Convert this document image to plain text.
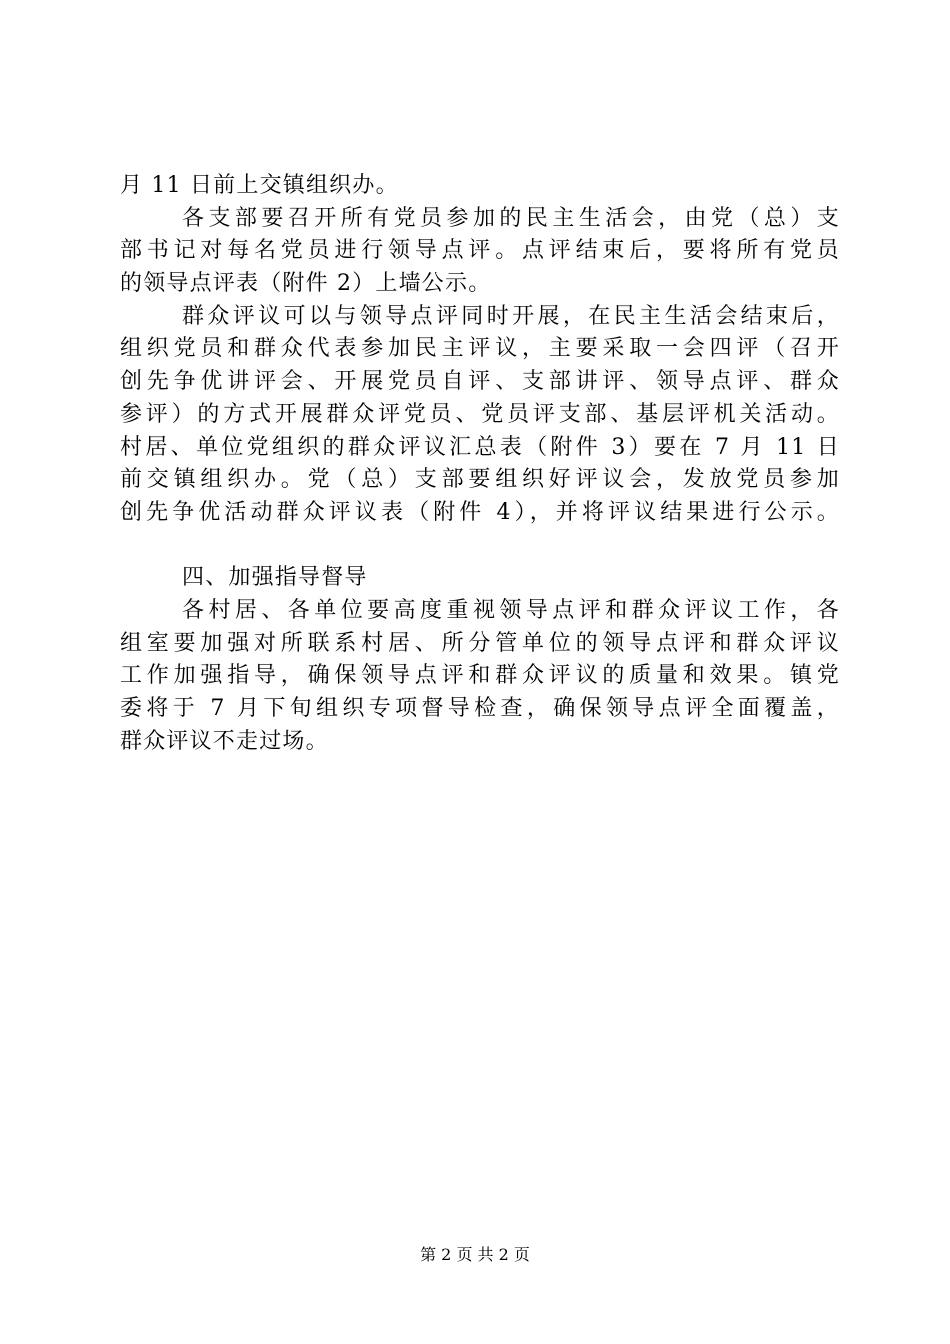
月 11 日前上交镇组织办。
各支部要召开所有党员参加的民主生活会，由党（总）支
部书记对每名党员进行领导点评。点评结束后，要将所有党员
的领导点评表（附件 2）上墙公示。
群众评议可以与领导点评同时开展，在民主生活会结束后，
组织党员和群众代表参加民主评议，主要采取一会四评（召开
创先争优讲评会、开展党员自评、支部讲评、领导点评、群众
参评）的方式开展群众评党员、党员评支部、基层评机关活动。
村居、单位党组织的群众评议汇总表（附件 3）要在 7 月 11 日
前交镇组织办。党（总）支部要组织好评议会，发放党员参加
创先争优活动群众评议表（附件 4），并将评议结果进行公示。
四、加强指导督导
各村居、各单位要高度重视领导点评和群众评议工作，各
组室要加强对所联系村居、所分管单位的领导点评和群众评议
工作加强指导，确保领导点评和群众评议的质量和效果。镇党
委将于 7 月下旬组织专项督导检查，确保领导点评全面覆盖，
群众评议不走过场。
第 2 页 共 2 页
